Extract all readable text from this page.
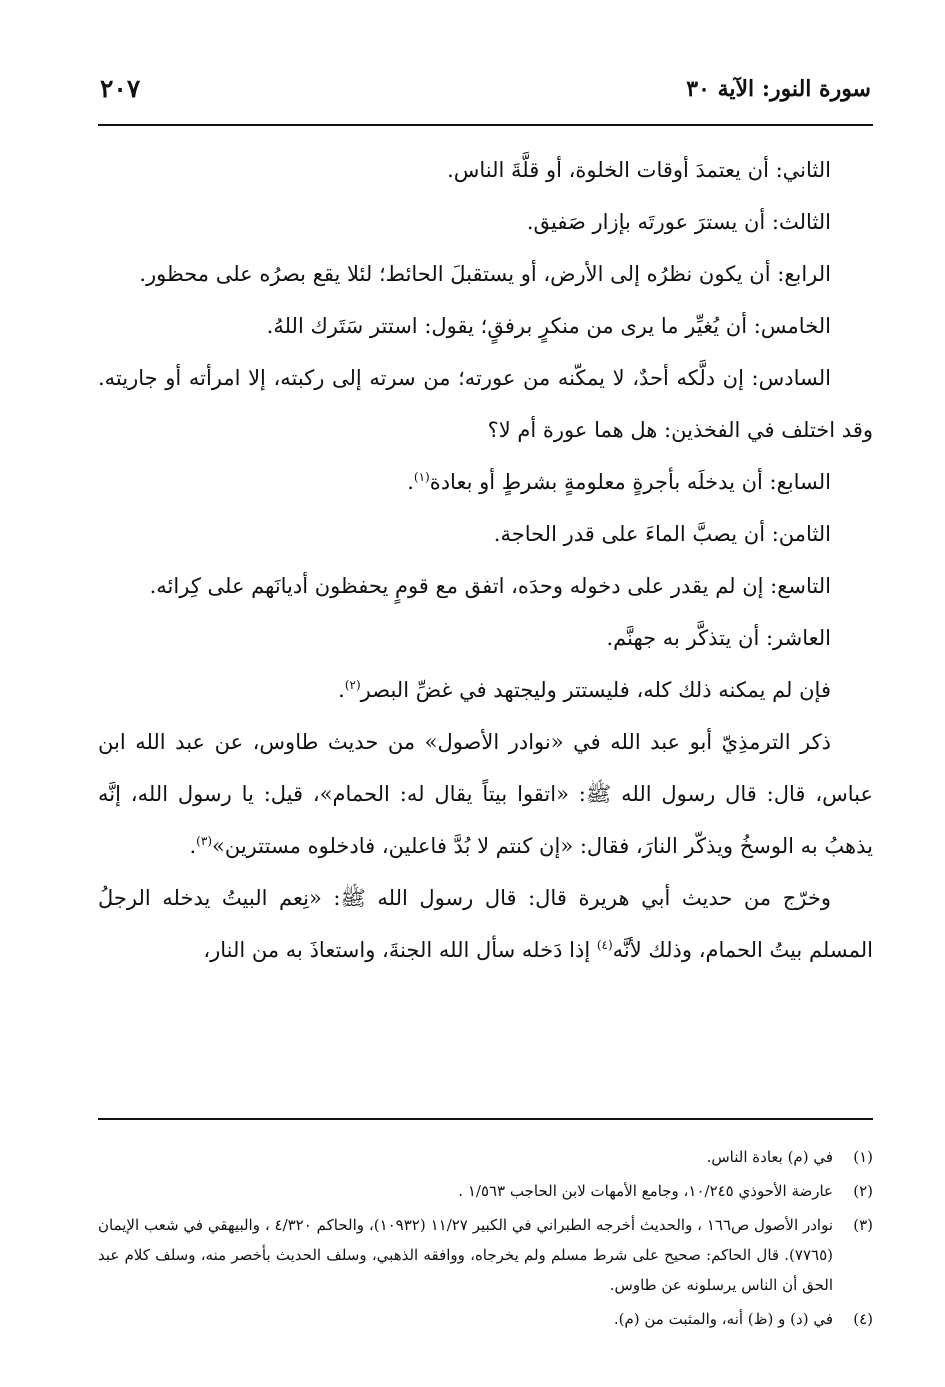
سورة النور: الآية ٣٠
٢٠٧

الثاني: أن يعتمدَ أوقات الخلوة، أو قلَّةَ الناس.

الثالث: أن يسترَ عورتَه بإزار صَفيق.

الرابع: أن يكون نظرُه إلى الأرض، أو يستقبلَ الحائط؛ لئلا يقع بصرُه على محظور.

الخامس: أن يُغيِّر ما يرى من منكرٍ برفقٍ؛ يقول: استتر سَتَرك اللهُ.

السادس: إن دلَّكه أحدٌ، لا يمكّنه من عورته؛ من سرته إلى ركبته، إلا امرأته أو جاريته. وقد اختلف في الفخذين: هل هما عورة أم لا؟

السابع: أن يدخلَه بأجرةٍ معلومةٍ بشرطٍ أو بعادة$^{(١)}$.

الثامن: أن يصبَّ الماءَ على قدر الحاجة.

التاسع: إن لم يقدر على دخوله وحدَه، اتفق مع قومٍ يحفظون أديانَهم على كِرائه.

العاشر: أن يتذكَّر به جهنَّم.

فإن لم يمكنه ذلك كله، فليستتر وليجتهد في غضِّ البصر$^{(٢)}$.

ذكر الترمذِيّ أبو عبد الله في «نوادر الأصول» من حديث طاوس، عن عبد الله ابن عباس، قال: قال رسول الله ﷺ: «اتقوا بيتاً يقال له: الحمام»، قيل: يا رسول الله، إنَّه يذهبُ به الوسخُ ويذكّر النارَ، فقال: «إن كنتم لا بُدَّ فاعلين، فادخلوه مستترين»$^{(٣)}$.

وخرّج من حديث أبي هريرة قال: قال رسول الله ﷺ: «نِعم البيتُ يدخله الرجلُ المسلم بيتُ الحمام، وذلك لأنَّه$^{(٤)}$ إذا دَخله سأل الله الجنةَ، واستعاذَ به من النار،

(١)في (م) بعادة الناس.

(٢)عارضة الأحوذي ١٠/٢٤٥، وجامع الأمهات لابن الحاجب ١/٥٦٣ .

(٣)نوادر الأصول ص١٦٦ ، والحديث أخرجه الطبراني في الكبير ١١/٢٧ (١٠٩٣٢)، والحاكم ٤/٣٢٠ ، والبيهقي في شعب الإيمان (٧٧٦٥). قال الحاكم: صحيح على شرط مسلم ولم يخرجاه، ووافقه الذهبي، وسلف الحديث بأخصر منه، وسلف كلام عبد الحق أن الناس يرسلونه عن طاوس.

(٤)في (د) و (ظ) أنه، والمثبت من (م).
